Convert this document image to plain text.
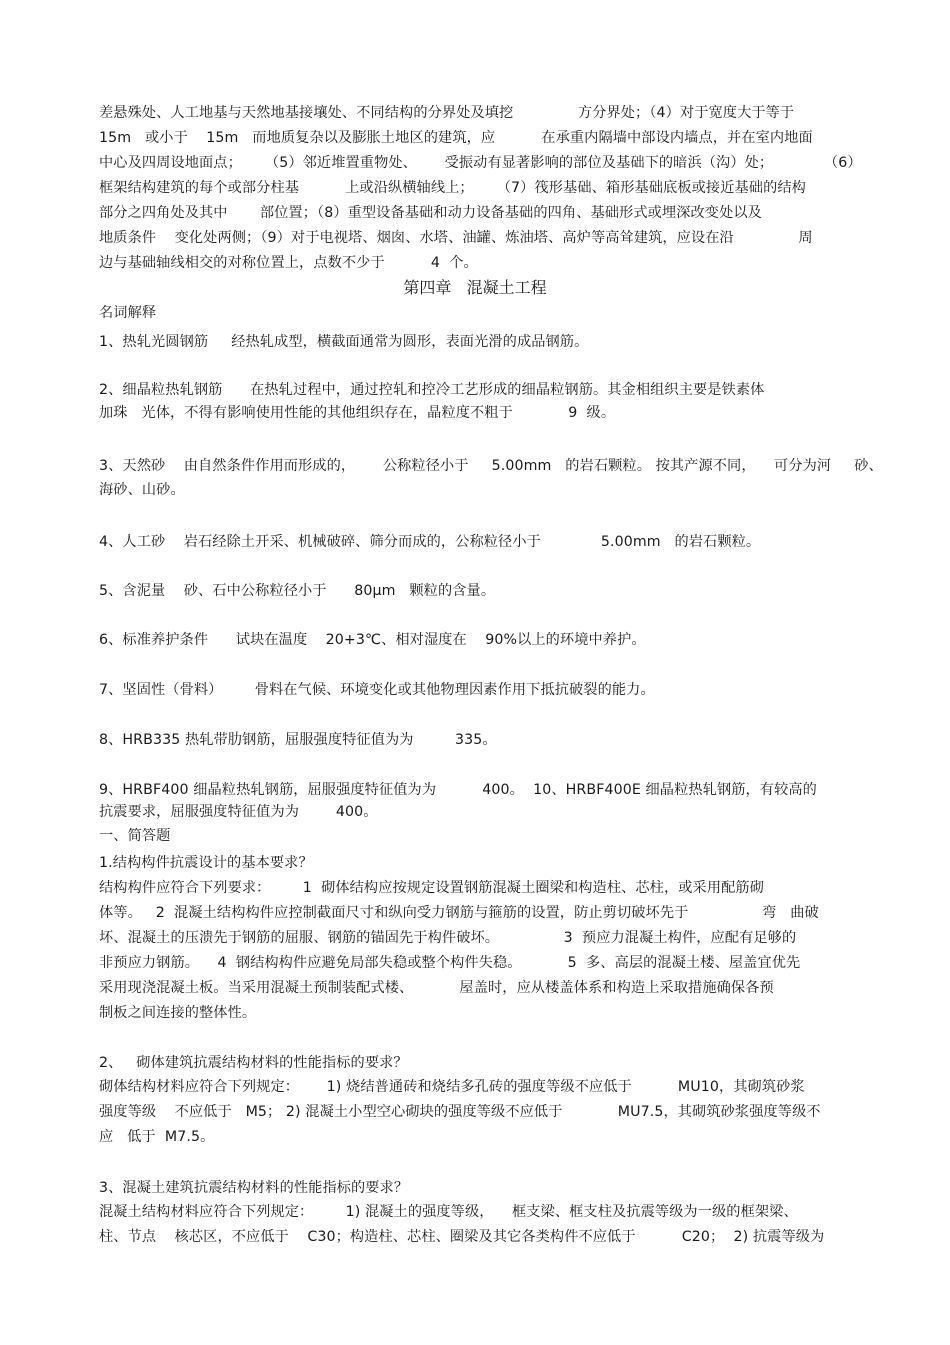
差悬殊处、人工地基与天然地基接壤处、不同结构的分界处及填挖              方分界处；（4）对于宽度大于等于
15m   或小于    15m   而地质复杂以及膨胀土地区的建筑，应          在承重内隔墙中部设内墙点，并在室内地面
中心及四周设地面点；     （5）邻近堆置重物处、      受振动有显著影响的部位及基础下的暗浜（沟）处；           （6）
框架结构建筑的每个或部分柱基          上或沿纵横轴线上；     （7）筏形基础、箱形基础底板或接近基础的结构
部分之四角处及其中       部位置；（8）重型设备基础和动力设备基础的四角、基础形式或埋深改变处以及
地质条件    变化处两侧；（9）对于电视塔、烟囱、水塔、油罐、炼油塔、高炉等高耸建筑，应设在沿              周
边与基础轴线相交的对称位置上，点数不少于          4  个。
第四章   混凝土工程
名词解释
1、热轧光圆钢筋     经热轧成型，横截面通常为圆形，表面光滑的成品钢筋。
2、细晶粒热轧钢筋      在热轧过程中，通过控轧和控冷工艺形成的细晶粒钢筋。其金相组织主要是铁素体
加珠   光体，不得有影响使用性能的其他组织存在，晶粒度不粗于            9  级。
3、天然砂    由自然条件作用而形成的，      公称粒径小于     5.00mm   的岩石颗粒。 按其产源不同，    可分为河     砂、
海砂、山砂。
4、人工砂    岩石经除土开采、机械破碎、筛分而成的，公称粒径小于             5.00mm   的岩石颗粒。
5、含泥量    砂、石中公称粒径小于      80μm   颗粒的含量。
6、标准养护条件      试块在温度    20+3℃、相对湿度在    90%以上的环境中养护。
7、坚固性（骨料）       骨料在气候、环境变化或其他物理因素作用下抵抗破裂的能力。
8、HRB335 热轧带肋钢筋，屈服强度特征值为为         335。
9、HRBF400 细晶粒热轧钢筋，屈服强度特征值为为          400。  10、HRBF400E 细晶粒热轧钢筋，有较高的
抗震要求，屈服强度特征值为为        400。
一、简答题
1.结构构件抗震设计的基本要求？
结构构件应符合下列要求：       1  砌体结构应按规定设置钢筋混凝土圈梁和构造柱、芯柱，或采用配筋砌
体等。   2  混凝土结构构件应控制截面尺寸和纵向受力钢筋与箍筋的设置，防止剪切破坏先于                弯   曲破
坏、混凝土的压溃先于钢筋的屈服、钢筋的锚固先于构件破坏。              3  预应力混凝土构件，应配有足够的
非预应力钢筋。    4  钢结构构件应避免局部失稳或整个构件失稳。          5  多、高层的混凝土楼、屋盖宜优先
采用现浇混凝土板。当采用混凝土预制装配式楼、          屋盖时，应从楼盖体系和构造上采取措施确保各预
制板之间连接的整体性。
2、   砌体建筑抗震结构材料的性能指标的要求？
砌体结构材料应符合下列规定：      1) 烧结普通砖和烧结多孔砖的强度等级不应低于          MU10，其砌筑砂浆
强度等级    不应低于   M5； 2) 混凝土小型空心砌块的强度等级不应低于            MU7.5，其砌筑砂浆强度等级不
应   低于  M7.5。
3、混凝土建筑抗震结构材料的性能指标的要求？
混凝土结构材料应符合下列规定：       1) 混凝土的强度等级，    框支梁、框支柱及抗震等级为一级的框架梁、
柱、节点    核芯区，不应低于    C30；构造柱、芯柱、圈梁及其它各类构件不应低于          C20；  2) 抗震等级为
